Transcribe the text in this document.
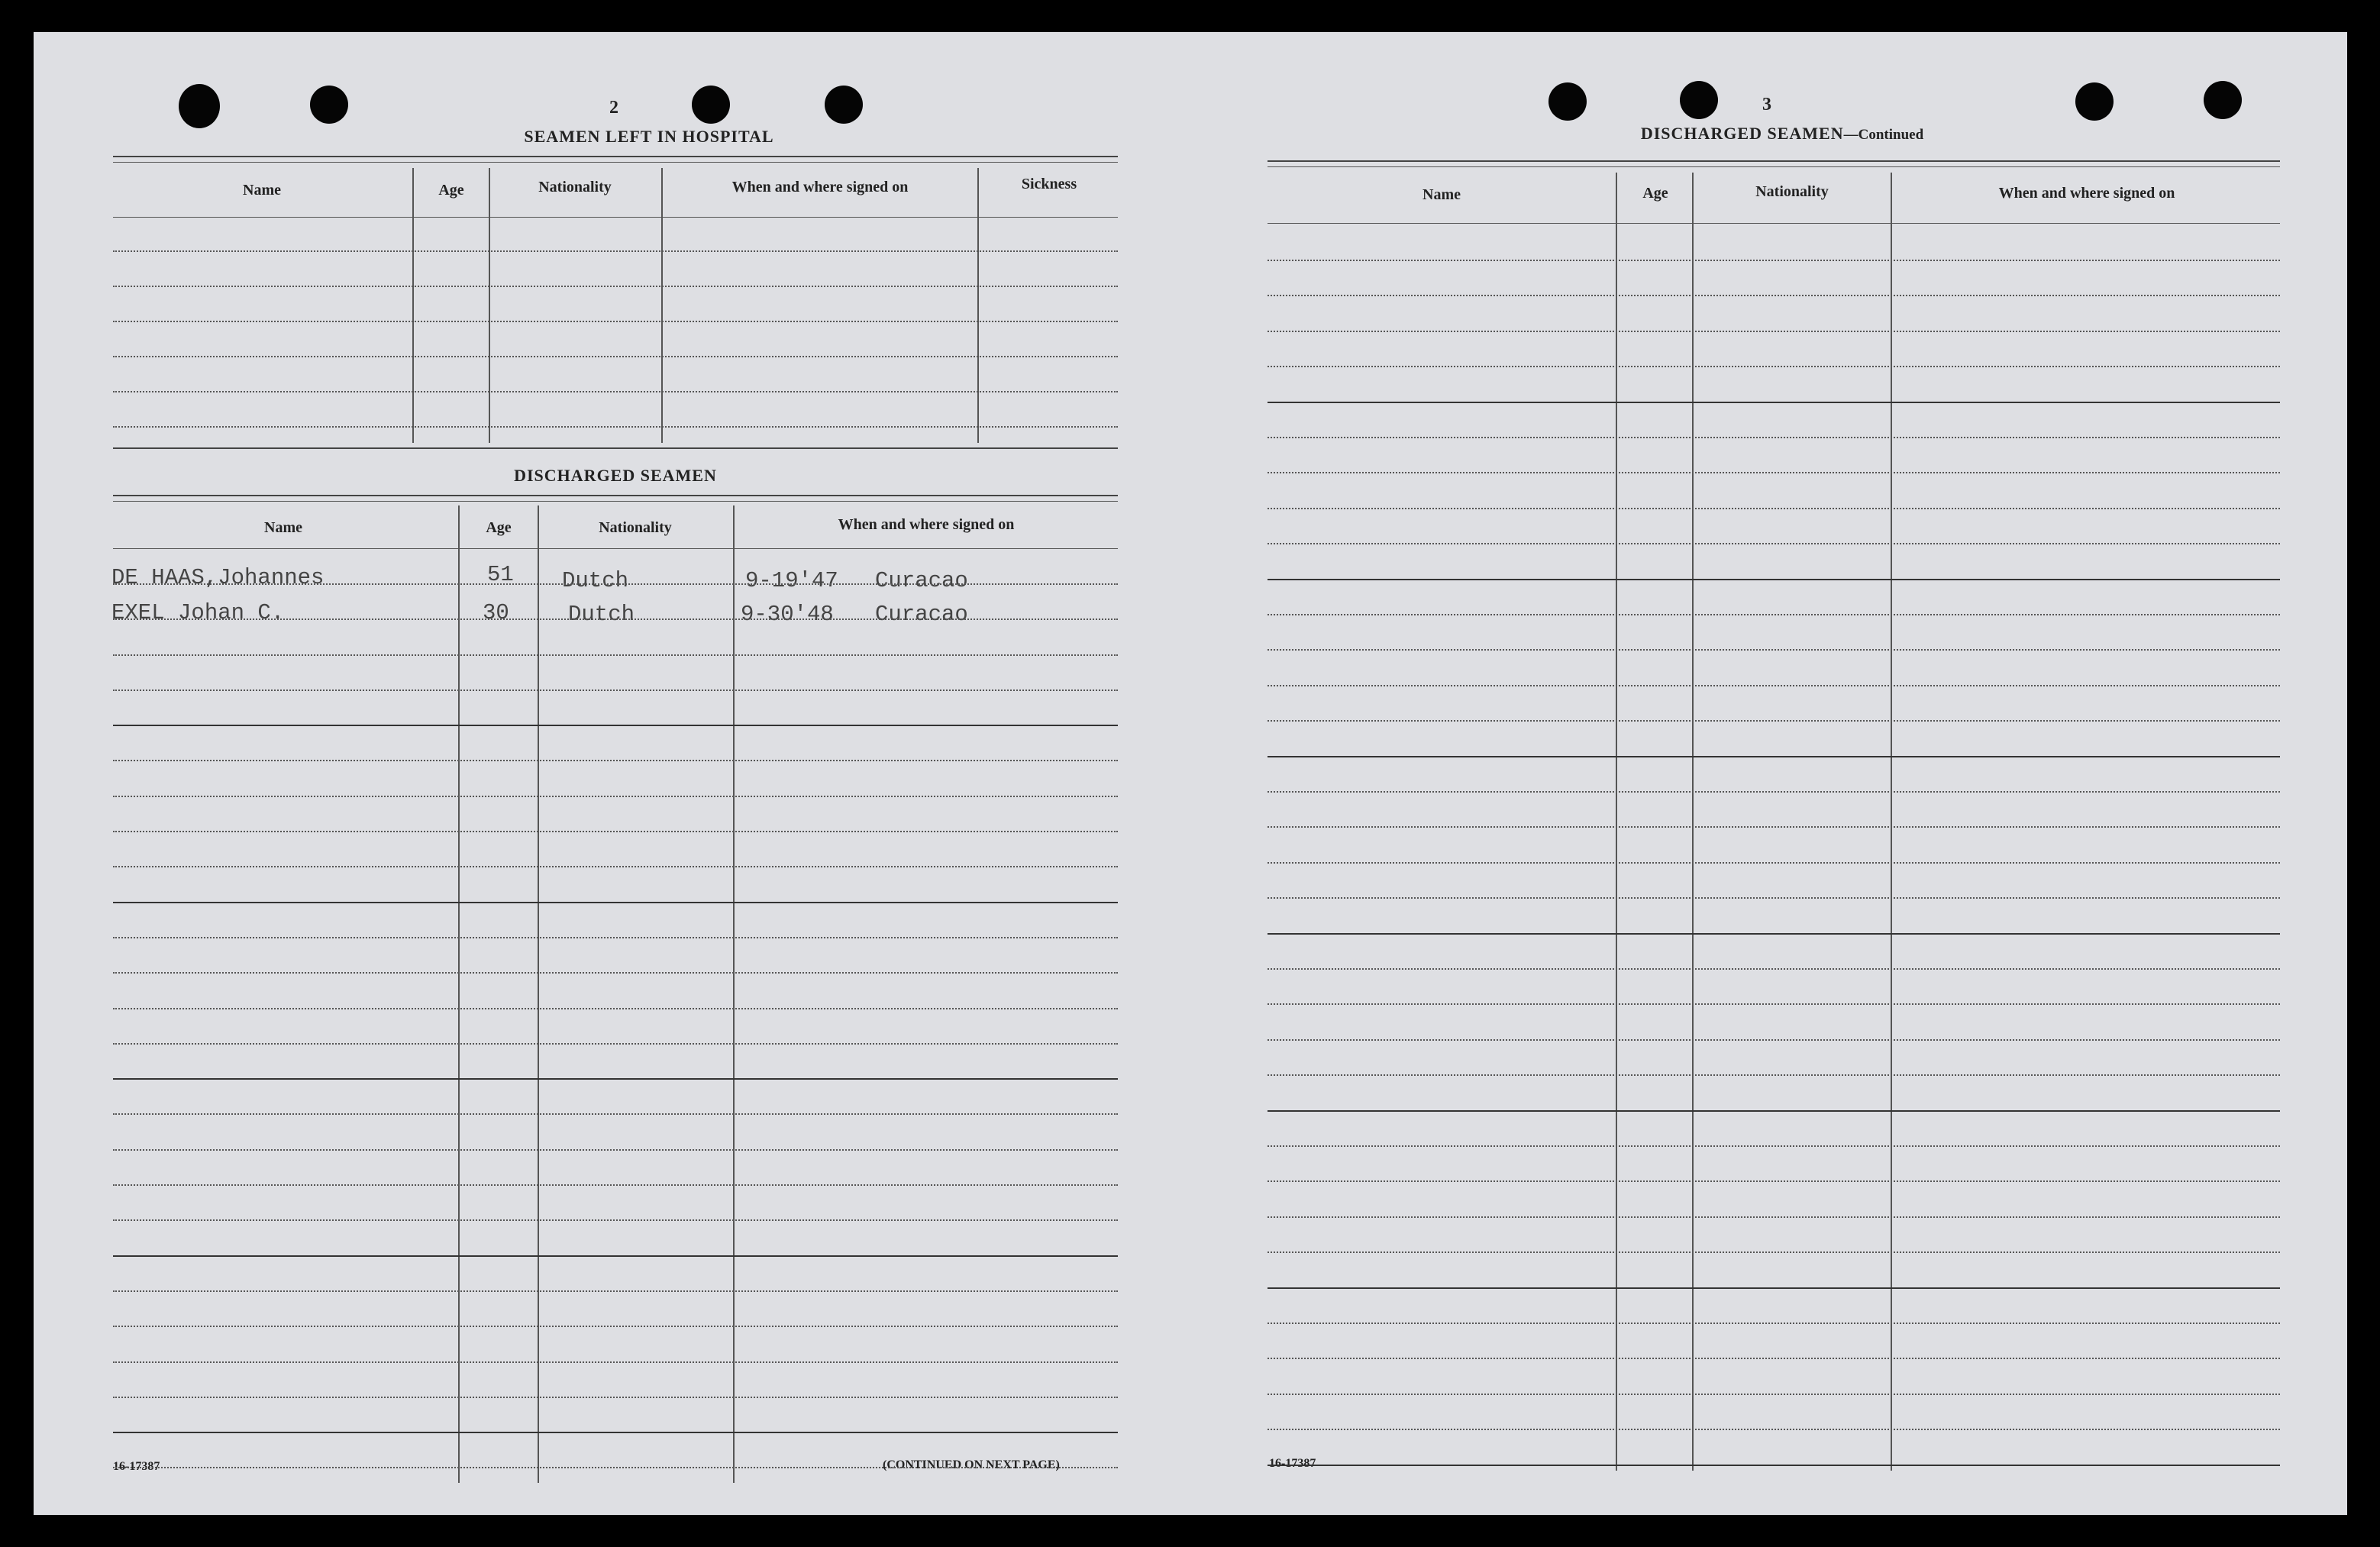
2
SEAMEN LEFT IN HOSPITAL
Name	Age	Nationality	When and where signed on	Sickness
DISCHARGED SEAMEN
Name	Age	Nationality	When and where signed on
DE HAAS,Johannes	51 Dutch	9-19'47 Curacao
EXEL Johan C.	30	Dutch	9-30'48 Curacao
16-17387	(CONTINUED ON NEXT PAGE)
3
DISCHARGED SEAMEN—Continued
Name	Age	Nationality	When and where signed on
16-17387
